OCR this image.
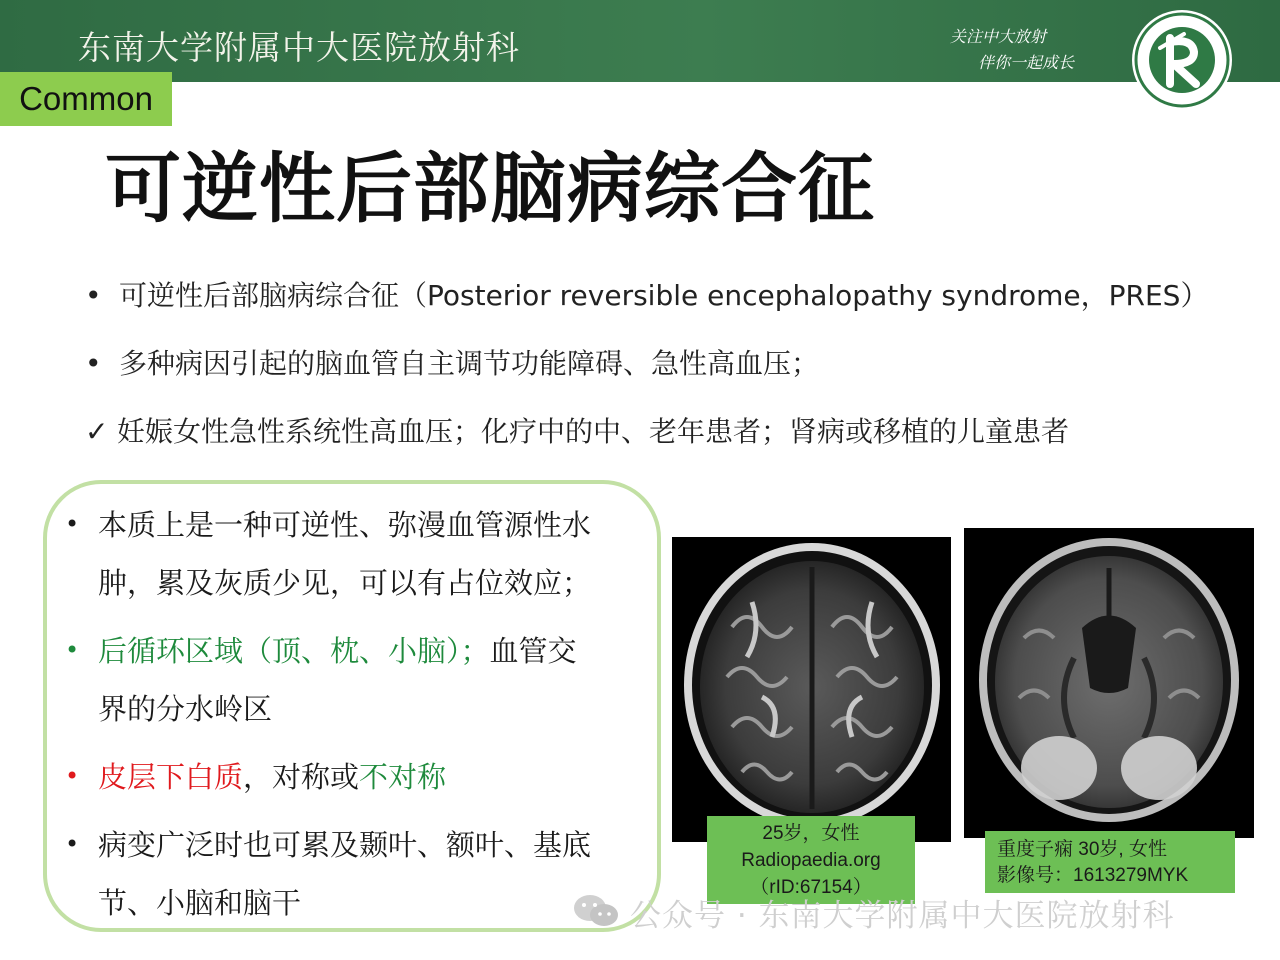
东南大学附属中大医院放射科	关注中大放射
伴你一起成长
Common
可逆性后部脑病综合征
• 可逆性后部脑病综合征（Posterior reversible encephalopathy syndrome，PRES）
• 多种病因引起的脑血管自主调节功能障碍、急性高血压；
✓ 妊娠女性急性系统性高血压；化疗中的中、老年患者；肾病或移植的儿童患者
• 本质上是一种可逆性、弥漫血管源性水
肿，累及灰质少见，可以有占位效应；
• 后循环区域（顶、枕、小脑）；血管交
界的分水岭区
• 皮层下白质，对称或不对称
• 病变广泛时也可累及颞叶、额叶、基底
节、小脑和脑干
25岁，女性
Radiopaedia.org
（rID:67154）
重度子痫 30岁, 女性
影像号：1613279MYK
公众号 · 东南大学附属中大医院放射科
